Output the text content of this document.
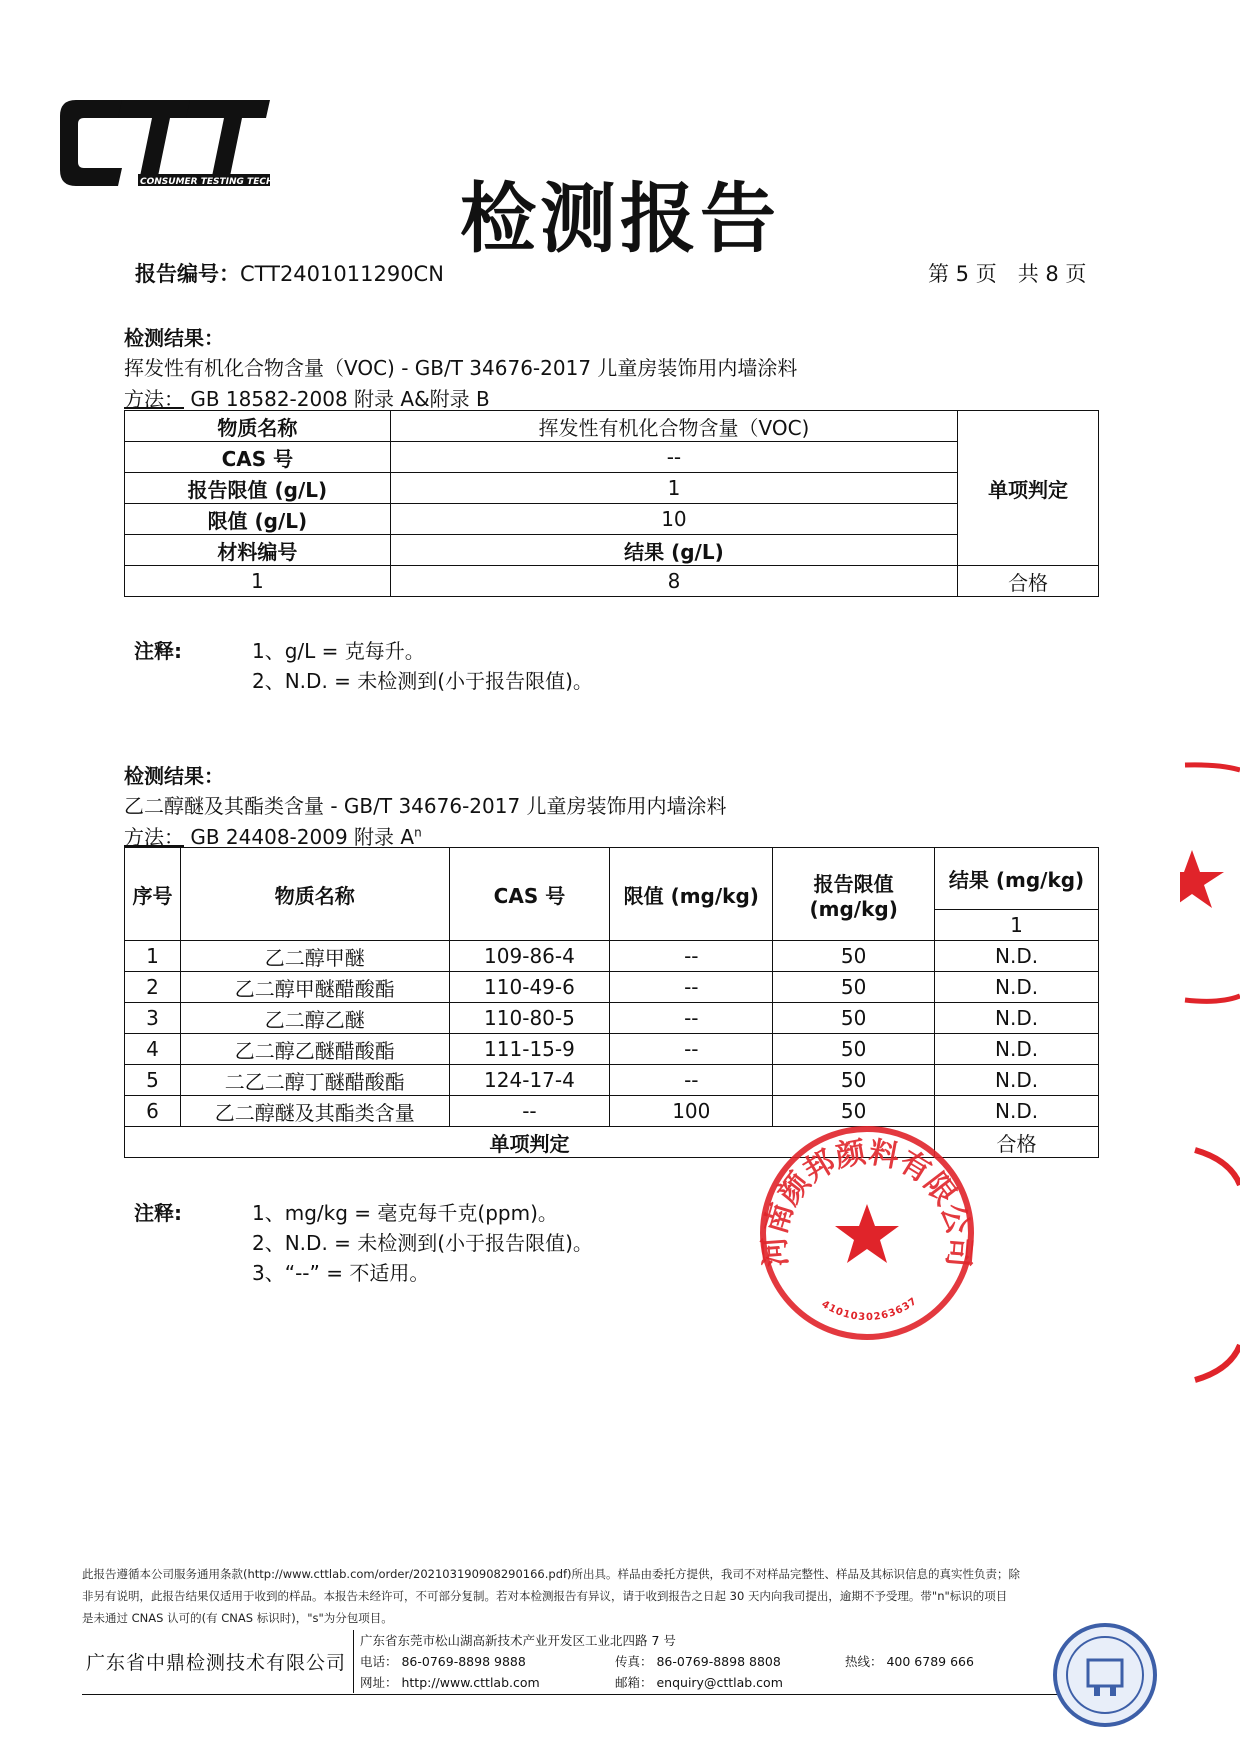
CONSUMER TESTING TECH	检测报告
报告编号：CTT2401011290CN	第 5 页　共 8 页
检测结果：
挥发性有机化合物含量（VOC) - GB/T 34676-2017 儿童房装饰用内墙涂料
方法： GB 18582-2008 附录 A&附录 B
物质名称	挥发性有机化合物含量（VOC)	单项判定
CAS 号	--	
报告限值 (g/L)	1	
限值 (g/L)	10	
材料编号	结果 (g/L)	
1	8	合格
注释:	1、g/L = 克每升。
2、N.D. = 未检测到(小于报告限值)。
检测结果：
乙二醇醚及其酯类含量 - GB/T 34676-2017 儿童房装饰用内墙涂料
方法： GB 24408-2009 附录 $A^n$
序号	物质名称	CAS 号	限值 (mg/kg)	报告限值 (mg/kg)	结果 (mg/kg)
					1
1	乙二醇甲醚	109-86-4	--	50	N.D.
2	乙二醇甲醚醋酸酯	110-49-6	--	50	N.D.
3	乙二醇乙醚	110-80-5	--	50	N.D.
4	乙二醇乙醚醋酸酯	111-15-9	--	50	N.D.
5	二乙二醇丁醚醋酸酯	124-17-4	--	50	N.D.
6	乙二醇醚及其酯类含量	--	100	50	N.D.
单项判定					合格
注释:	1、mg/kg = 毫克每千克(ppm)。
2、N.D. = 未检测到(小于报告限值)。
3、“--” = 不适用。
河南颜邦颜料有限公司
4101030263637
此报告遵循本公司服务通用条款(http://www.cttlab.com/order/202103190908290166.pdf)所出具。样品由委托方提供，我司不对样品完整性、样品及其标识信息的真实性负责；除
非另有说明，此报告结果仅适用于收到的样品。本报告未经许可，不可部分复制。若对本检测报告有异议，请于收到报告之日起 30 天内向我司提出，逾期不予受理。带"n"标识的项目
是未通过 CNAS 认可的(有 CNAS 标识时)，"s"为分包项目。
广东省中鼎检测技术有限公司
广东省东莞市松山湖高新技术产业开发区工业北四路 7 号
电话： 86-0769-8898 9888	传真： 86-0769-8898 8808	热线： 400 6789 666
网址： http://www.cttlab.com	邮箱： enquiry@cttlab.com
